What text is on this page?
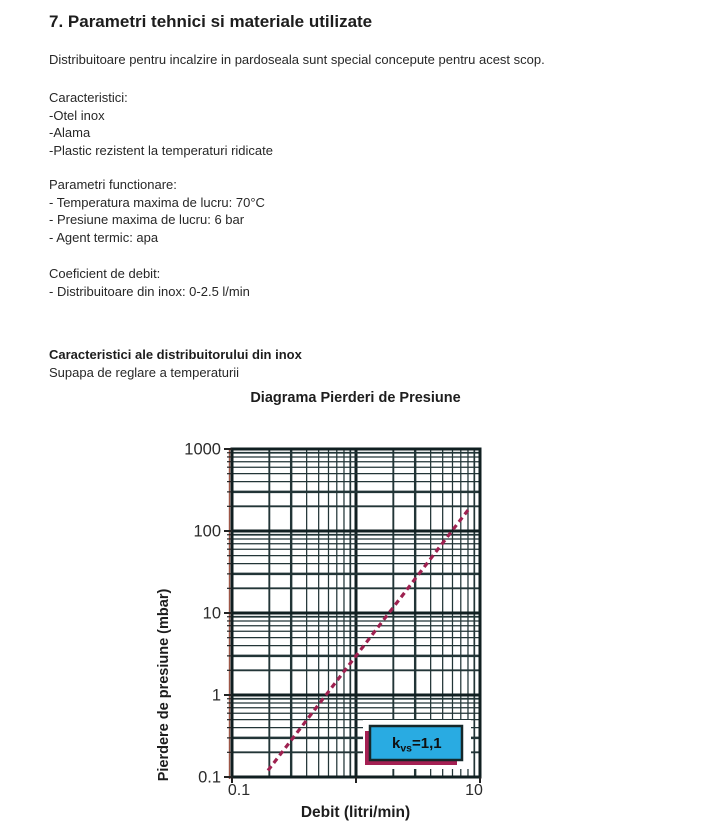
7. Parametri tehnici si materiale utilizate
Distribuitoare pentru incalzire in pardoseala sunt special concepute pentru acest scop.
Caracteristici:
-Otel inox
-Alama
-Plastic rezistent la temperaturi ridicate
Parametri functionare:
- Temperatura maxima de lucru: 70°C
- Presiune maxima de lucru: 6 bar
- Agent termic: apa
Coeficient de debit:
- Distribuitoare din inox: 0-2.5 l/min
Caracteristici ale distribuitorului din inox
Supapa de reglare a temperaturii
Diagrama Pierderi de Presiune
Pierdere de presiune (mbar)
1000
100
10
1
0.1
0.1	10
$k_{vs}=1,1$
Debit (litri/min)
